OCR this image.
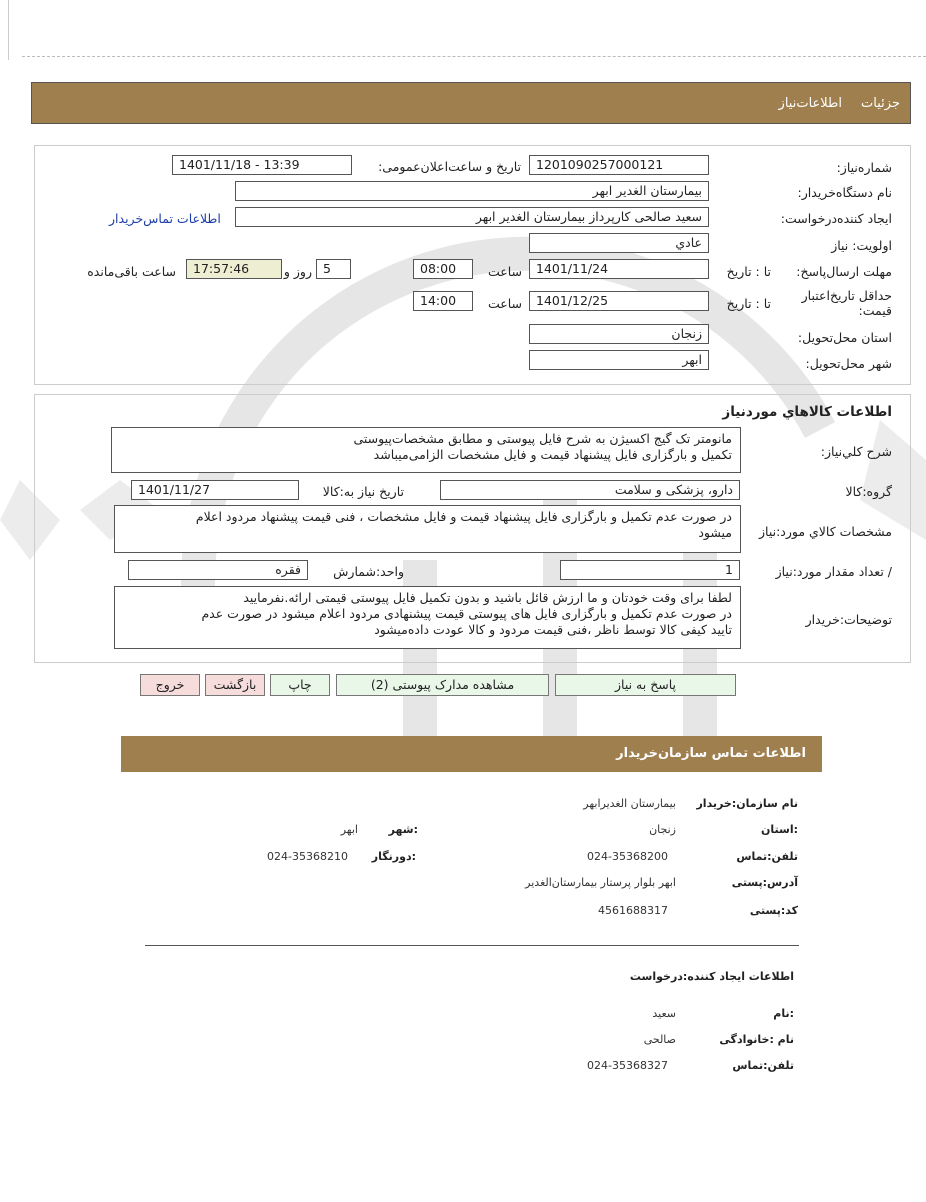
جزئیات
اطلاعات‌نیاز
شماره‌نیاز:
1201090257000121
تاریخ و ساعت‌اعلان‌عمومی:
1401/11/18 - 13:39
نام دستگاه‌خریدار:
بیمارستان الغدیر ابهر
ایجاد کننده‌درخواست:
سعید صالحی کارپرداز بیمارستان الغدیر ابهر
اطلاعات تماس‌خریدار
اولویت: نیاز
عادي
مهلت ارسال‌پاسخ:
تا : تاریخ
1401/11/24
ساعت
08:00
5
روز و
17:57:46
ساعت باقی‌مانده
حداقل تاریخ‌اعتبار
قیمت:
تا : تاریخ
1401/12/25
ساعت
14:00
استان محل‌تحویل:
زنجان
شهر محل‌تحویل:
ابهر
اطلاعات کالاهاي موردنياز
شرح کلي‌نياز:
مانومتر تک گیج اکسیژن به شرح فایل پیوستی و مطابق مشخصات‌پیوستی
تکمیل و بارگزاری فایل پیشنهاد قیمت و فایل مشخصات الزامی‌میباشد
گروه:کالا
دارو، پزشکی و سلامت
تاریخ نیاز به:کالا
1401/11/27
مشخصات کالاي مورد:نياز
در صورت عدم تکمیل و بارگزاری فایل پیشنهاد قیمت و فایل مشخصات ، فنی قیمت پیشنهاد مردود اعلام
میشود
/ تعداد مقدار مورد:نیاز
1
واحد:شمارش
فقره
توضیحات:خریدار
لطفا برای وقت خودتان و ما ارزش قائل باشید و بدون تکمیل فایل پیوستی قیمتی ارائه.نفرمایید
در صورت عدم تکمیل و بارگزاری فایل های پیوستی قیمت پیشنهادی مردود اعلام میشود در صورت عدم
تایید کیفی کالا توسط ناظر ،فنی قیمت مردود و کالا عودت داده‌میشود
پاسخ به نیاز
مشاهده مدارک پیوستی (2)
چاپ
بازگشت
خروج
اطلاعات تماس سازمان‌خریدار
نام سازمان:خریدار
بیمارستان الغدیرابهر
:استان
زنجان
:شهر
ابهر
تلفن:تماس
024-35368200
:دورنگار
024-35368210
آدرس:پستی
ابهر بلوار پرستار بیمارستان‌الغدیر
کد:پستی
4561688317
اطلاعات ایجاد کننده:درخواست
:نام
سعید
نام :خانوادگی
صالحی
تلفن:تماس
024-35368327
